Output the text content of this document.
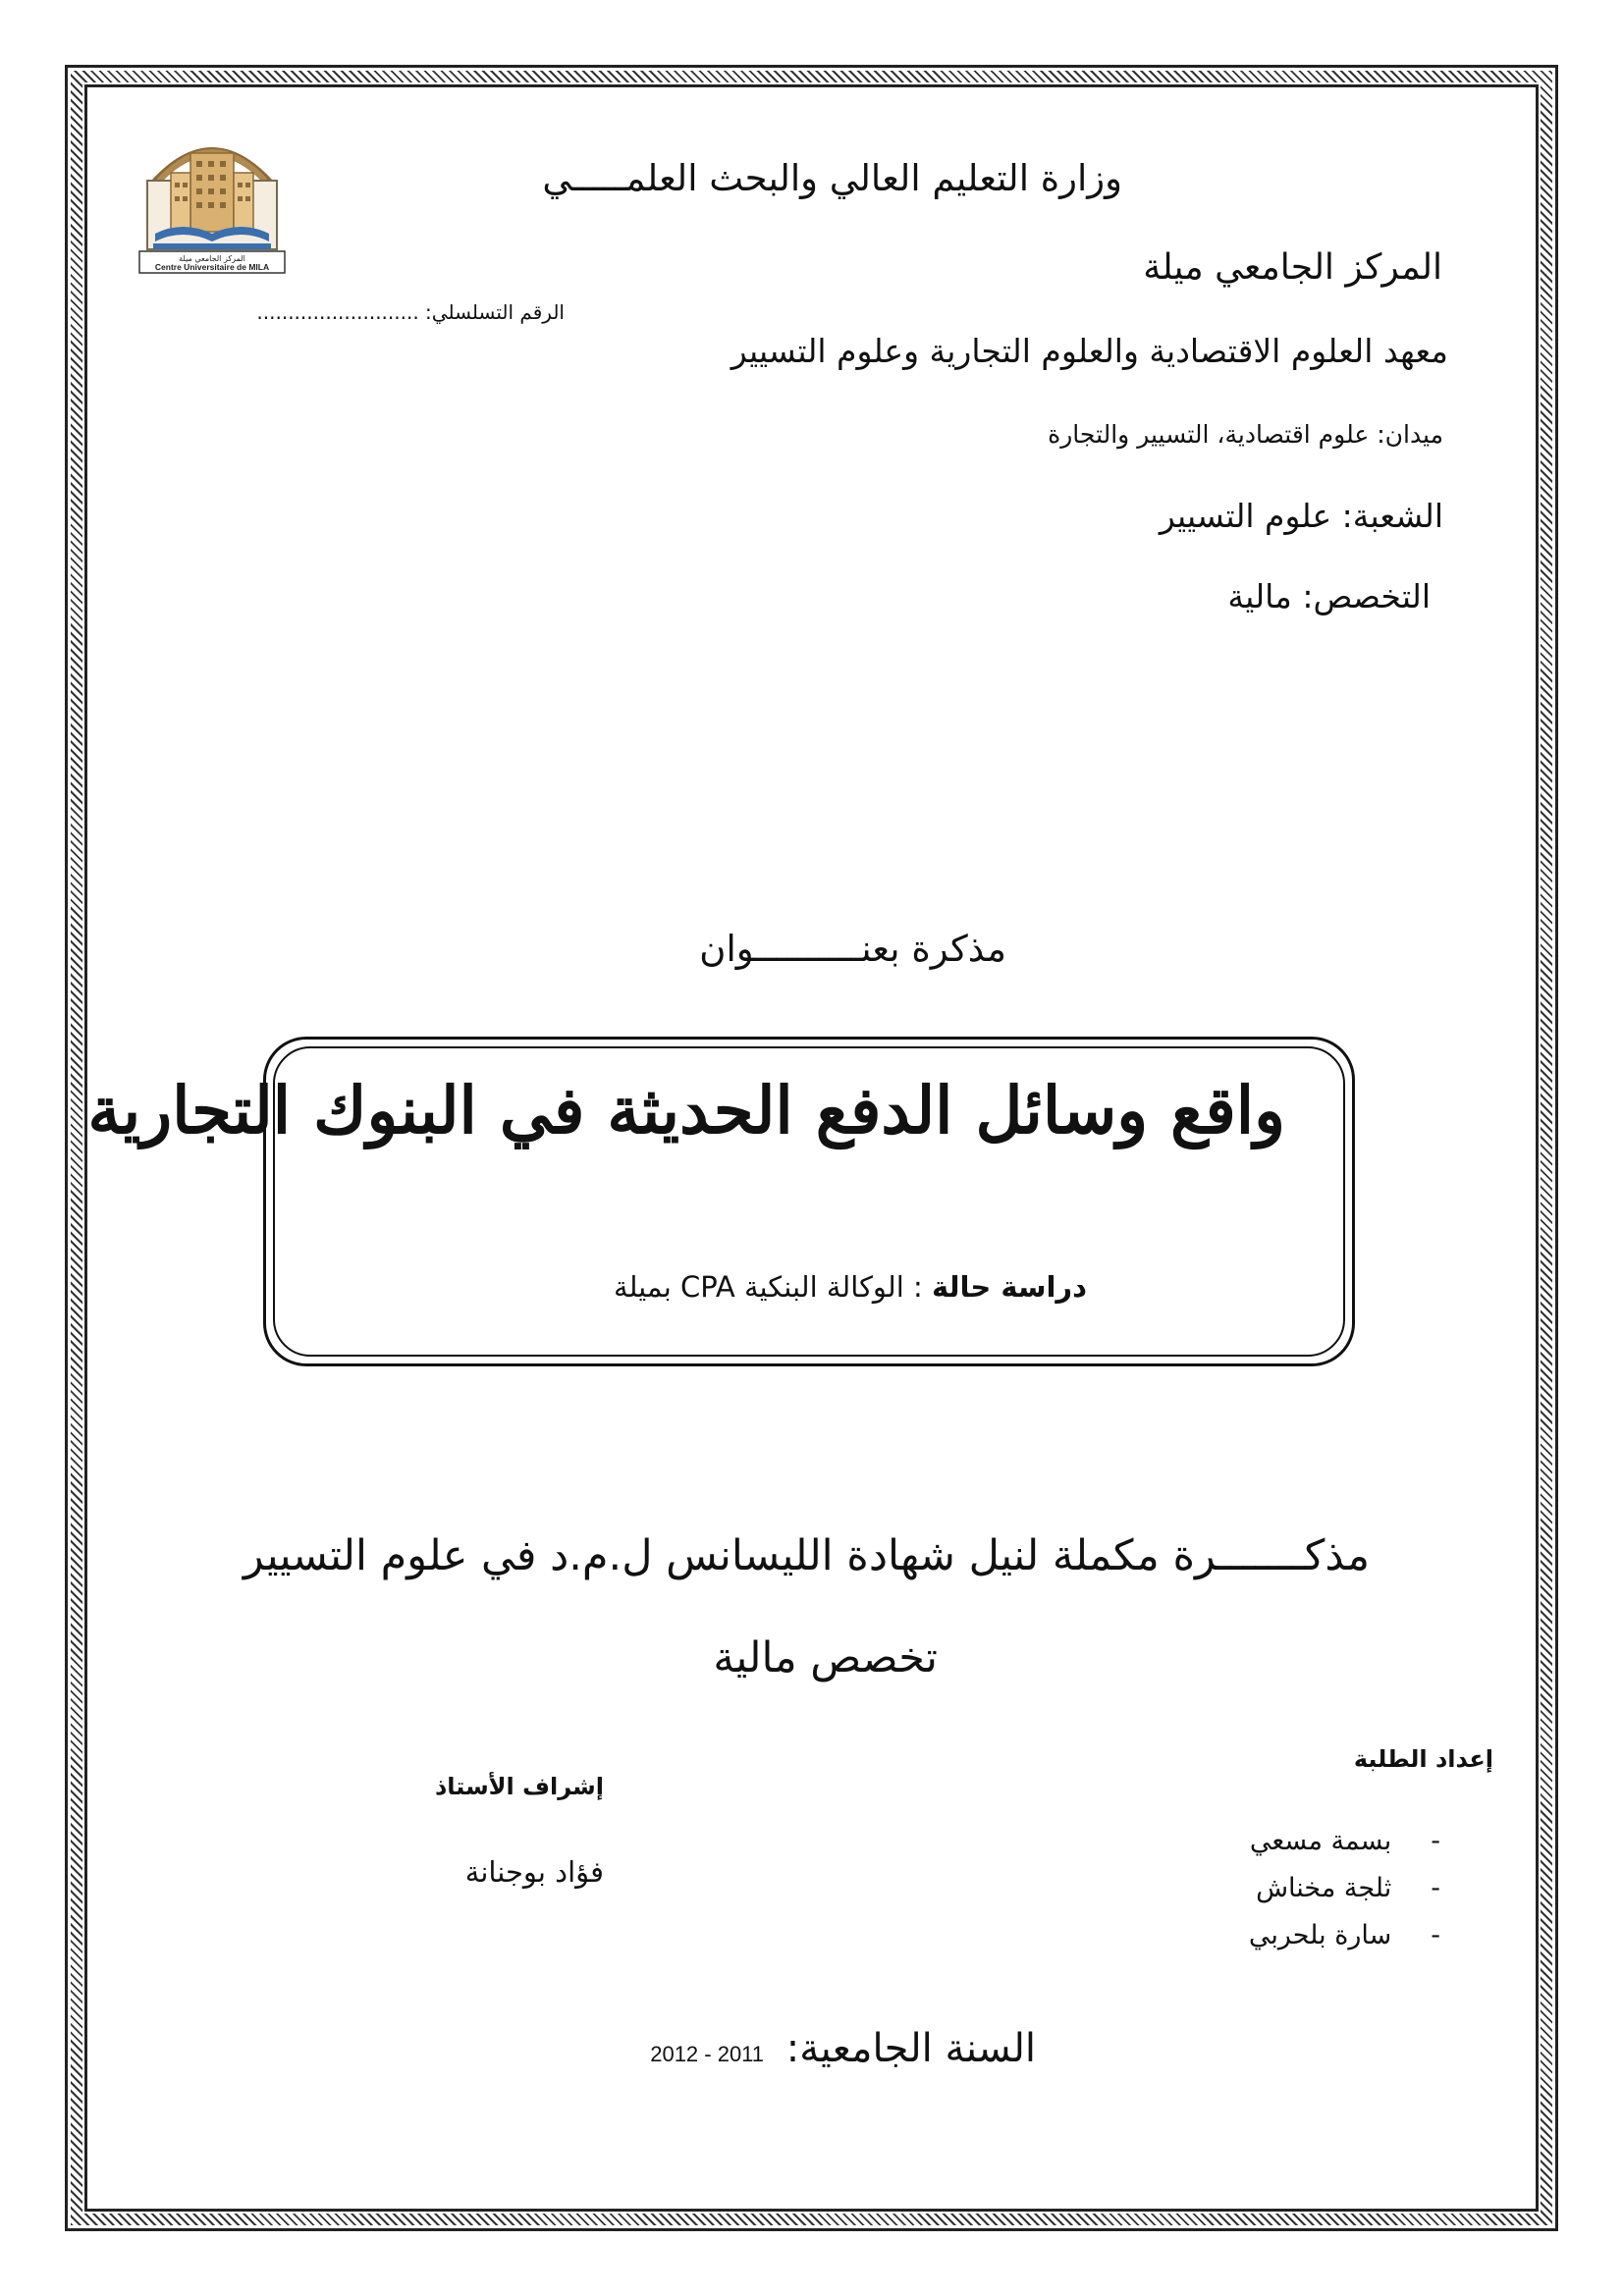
المركز الجامعي ميلة
Centre Universitaire de MILA
وزارة التعليم العالي والبحث العلمـــــي
المركز الجامعي ميلة
الرقم التسلسلي: ..........................
معهد العلوم الاقتصادية والعلوم التجارية وعلوم التسيير
ميدان: علوم اقتصادية، التسيير والتجارة
الشعبة: علوم التسيير
التخصص: مالية
مذكرة بعنــــــــــوان
واقع وسائل الدفع الحديثة في البنوك التجارية
دراسة حالة : الوكالة البنكية CPA بميلة
مذكـــــــرة مكملة لنيل شهادة الليسانس ل.م.د في علوم التسيير
تخصص مالية
إعداد الطلبة
-بسمة مسعي
-ثلجة مخناش
-سارة بلحربي
إشراف الأستاذ
فؤاد بوجنانة
السنة الجامعية: 2012 - 2011
